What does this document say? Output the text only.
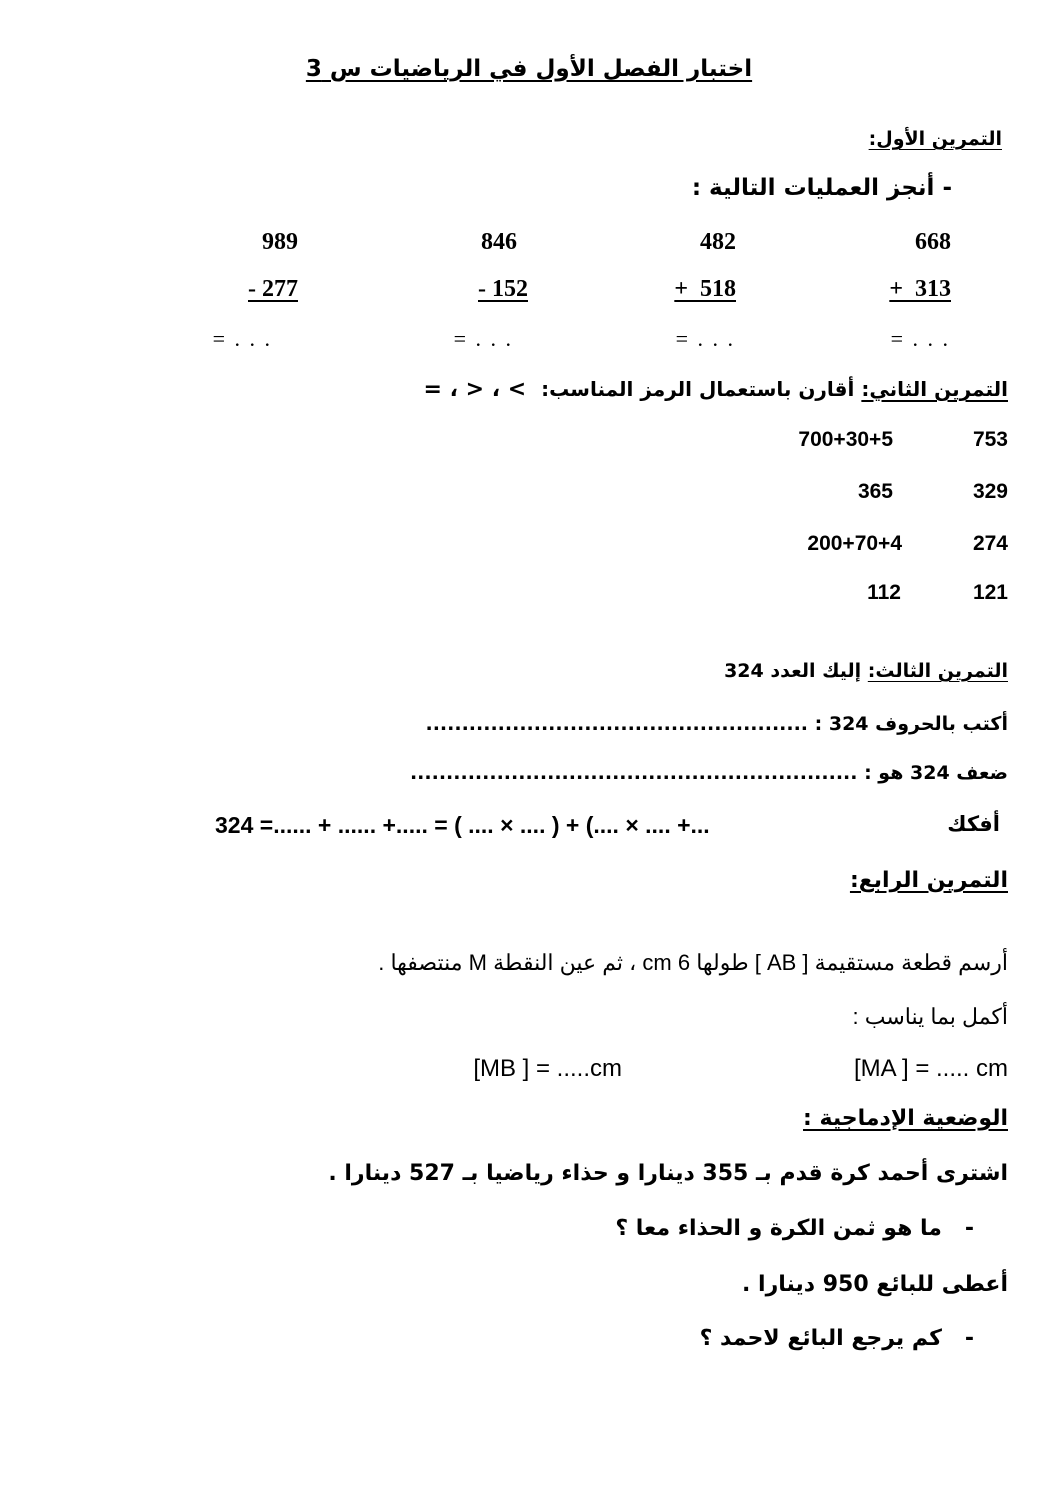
اختبار الفصل الأول في الرياضيات س 3
التمرين الأول:
- أنجز العمليات التالية :
668
+  313
= . . .
482
+  518
= . . .
846
- 152
= . . .
989
- 277
= . . .
التمرين الثاني: أقارن باستعمال الرمز المناسب: > ، < ، =
753
700+30+5
329
365
274
200+70+4
121
112
التمرين الثالث: إليك العدد 324
أكتب بالحروف 324 : .....................................................
ضعف 324 هو : ..............................................................
أفكك
324 =...... + ...... +..... = ( .... × .... ) + (.... × .... +...
التمرين الرابع:
أرسم قطعة مستقيمة [ AB ] طولها 6 cm ، ثم عين النقطة M منتصفها .
أكمل بما يناسب :
[MA ] = ..... cm
[MB ] = .....cm
الوضعية الإدماجية :
اشترى أحمد كرة قدم بـ 355 دينارا و حذاء رياضيا بـ 527 دينارا .
-   ما هو ثمن الكرة و الحذاء معا ؟
أعطى للبائع 950 دينارا .
-   كم يرجع البائع لاحمد ؟
